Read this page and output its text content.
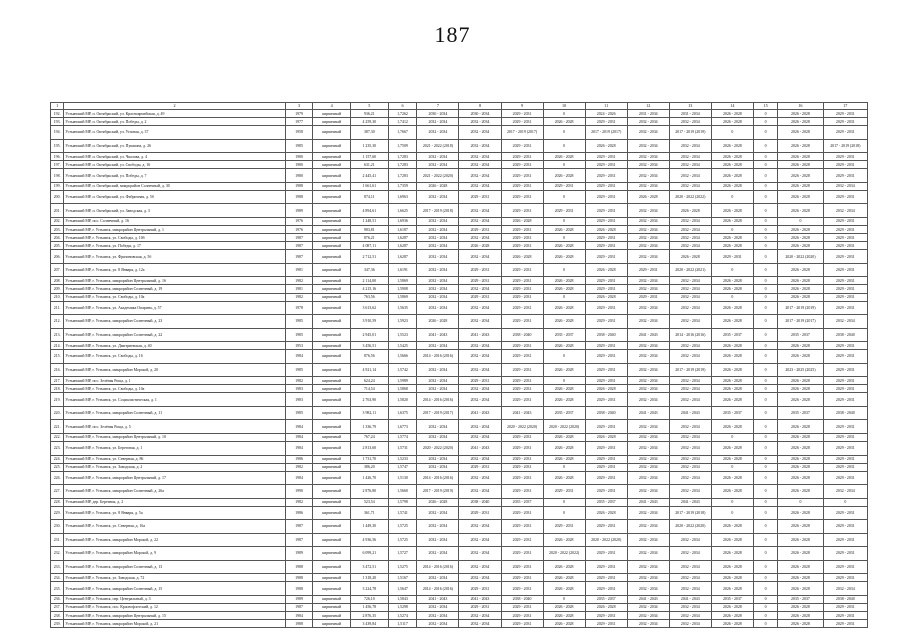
187
1	2	3	4	5	6	7	8	9	10	11	12	13	14	15	16	17
192.	Устьянский МР, п. Октябрьский, ул. Красноармейская, д. 49	1979	кирпичный	936,21	1,7262	2030 - 2034	2030 - 2034	2029 - 2031	0	2024 - 2026	2031 - 2034	2031 - 2034	2026 - 2028	0	2026 - 2028	2029 - 2031
193.	Устьянский МР, п. Октябрьский, ул. Победы, д. 2	1977	кирпичный	4 259,30	1,7412	2032 - 2034	2032 - 2034	2029 - 2031	2026 - 2028	2029 - 2031	2032 - 2034	2032 - 2034	2026 - 2028	0	2026 - 2028	2029 - 2031
194.	Устьянский МР, п. Октябрьский, ул. Угловая, д. 37	1958	кирпичный	387,30	1,7667	2032 - 2034	2032 - 2034	2017 - 2019 (2017)	0	2017 - 2019 (2017)	2032 - 2034	2017 - 2019 (2019)	0	0	2026 - 2028	2029 - 2031
195.	Устьянский МР, п. Октябрьский, ул. Пушкина, д. 26	1985	кирпичный	1 235,30	1,7509	2021 - 2022 (2018)	2032 - 2034	2029 - 2031	0	2026 - 2028	2032 - 2034	2032 - 2034	2026 - 2028	0	2026 - 2028	2017 - 2019 (2018)
196.	Устьянский МР, п. Октябрьский, ул. Чкалова, д. 4	1980	кирпичный	1 157,60	1,7283	2032 - 2034	2032 - 2034	2029 - 2031	2026 - 2028	2029 - 2031	2032 - 2034	2032 - 2034	2026 - 2028	0	2026 - 2028	2029 - 2031
197.	Устьянский МР, п. Октябрьский, ул. Свободы, д. 16	1980	кирпичный	631,21	1,7283	2032 - 2034	2032 - 2034	2029 - 2031	0	2029 - 2031	2032 - 2034	2032 - 2034	2026 - 2028	0	2026 - 2028	2029 - 2031
198.	Устьянский МР, п. Октябрьский, ул. Победы, д. 7	1980	кирпичный	2 445,41	1,7283	2021 - 2022 (2020)	2032 - 2034	2029 - 2031	2026 - 2028	2029 - 2031	2032 - 2034	2032 - 2034	2026 - 2028	0	2026 - 2028	2029 - 2031
199.	Устьянский МР, п. Октябрьский, микрорайон Солнечный, д. 30	1988	кирпичный	1 661,61	1,7359	2026 - 2028	2032 - 2034	2029 - 2031	2029 - 2031	2029 - 2031	2032 - 2034	2032 - 2034	2026 - 2028	0	2026 - 2028	2032 - 2034
200.	Устьянский МР, п. Октябрьский, ул. Фабричная, д. 5б	1988	кирпичный	874,11	1,6963	2032 - 2034	2029 - 2031	2029 - 2031	0	2029 - 2031	2026 - 2028	2020 - 2022 (2022)	0	0	2026 - 2028	2029 - 2031
201.	Устьянский МР, п. Октябрьский, ул. Заводская, д. 3	1989	кирпичный	4 894,61	1,6625	2017 - 2019 (2018)	2032 - 2034	2029 - 2031	2029 - 2031	2029 - 2031	2032 - 2034	2026 - 2028	2026 - 2028	0	2026 - 2028	2032 - 2034
202.	Устьянский МР, пос. Солнечный, д. 16	1976	кирпичный	1 248,51	1,6936	2032 - 2034	2032 - 2034	2026 - 2028	0	2029 - 2031	2032 - 2034	2032 - 2034	2026 - 2028	0	0	2029 - 2031
203.	Устьянский МР, г. Устьянск, микрорайон Центральный, д. 1	1976	кирпичный	983,81	1,6187	2032 - 2034	2029 - 2031	2029 - 2031	2026 - 2028	2026 - 2028	2032 - 2034	2032 - 2034	0	0	2026 - 2028	2029 - 2031
204.	Устьянский МР, г. Устьянск, ул. Свободы, д. 10б	1987	кирпичный	876,21	1,6287	2032 - 2034	2032 - 2034	2029 - 2031	0	2029 - 2031	2032 - 2034	2032 - 2034	2026 - 2028	0	2026 - 2028	2029 - 2031
205.	Устьянский МР, г. Устьянск, ул. Победы, д. 17	1987	кирпичный	4 087,11	1,6287	2032 - 2034	2026 - 2028	2029 - 2031	2026 - 2028	2029 - 2031	2032 - 2034	2032 - 2034	2026 - 2028	0	2026 - 2028	2029 - 2031
206.	Устьянский МР, г. Устьянск, ул. Фрязиновская, д. 5б	1987	кирпичный	2 712,51	1,6287	2032 - 2034	2032 - 2034	2026 - 2028	2026 - 2028	2029 - 2031	2032 - 2034	2026 - 2028	2029 - 2031	0	2020 - 2022 (2020)	2029 - 2031
207.	Устьянский МР, г. Устьянск, ул. 8 Января, д. 12а	1981	кирпичный	347,36	1,6191	2032 - 2034	2029 - 2031	2029 - 2031	0	2026 - 2028	2029 - 2031	2020 - 2022 (2021)	0	0	2026 - 2028	2029 - 2031
208.	Устьянский МР, г. Устьянск, микрорайон Центральный, д. 16	1982	кирпичный	2 114,00	1,5869	2032 - 2034	2029 - 2031	2029 - 2031	2026 - 2028	2029 - 2031	2032 - 2034	2032 - 2034	2026 - 2028	0	2026 - 2028	2029 - 2031
209.	Устьянский МР, г. Устьянск, микрорайон Солнечный, д. 19	1981	кирпичный	4 215,16	1,5908	2032 - 2034	2032 - 2034	2029 - 2031	2026 - 2028	2029 - 2031	2032 - 2034	2032 - 2034	2026 - 2028	0	2026 - 2028	2029 - 2031
210.	Устьянский МР, г. Устьянск, ул. Свободы, д. 10а	1982	кирпичный	763,56	1,5869	2032 - 2034	2029 - 2031	2029 - 2031	0	2026 - 2028	2029 - 2031	2032 - 2034	0	0	2026 - 2028	2029 - 2031
211.	Устьянский МР, г. Устьянск, ул. Академика Опарина, д. 57	1978	кирпичный	3 613,62	1,5635	2032 - 2034	2032 - 2034	2029 - 2031	2026 - 2028	2029 - 2031	2032 - 2034	2032 - 2034	2026 - 2028	0	2017 - 2019 (2019)	2029 - 2031
212.	Устьянский МР, г. Устьянск, микрорайон Солнечный, д. 23	1985	кирпичный	3 910,59	1,5923	2026 - 2028	2032 - 2034	2029 - 2031	2026 - 2028	2029 - 2031	2032 - 2034	2032 - 2034	2026 - 2028	0	2017 - 2019 (2017)	2032 - 2034
213.	Устьянский МР, г. Устьянск, микрорайон Солнечный, д. 22	1985	кирпичный	2 945,01	1,5523	2041 - 2043	2041 - 2043	2038 - 2040	2035 - 2037	2038 - 2040	2041 - 2043	2014 - 2016 (2016)	2035 - 2037	0	2035 - 2037	2038 - 2040
214.	Устьянский МР, г. Устьянск, ул. Дмитриевская, д. 40	1953	кирпичный	3 456,51	1,5425	2032 - 2034	2032 - 2034	2029 - 2031	2026 - 2028	2029 - 2031	2032 - 2034	2032 - 2034	2026 - 2028	0	2026 - 2028	2029 - 2031
215.	Устьянский МР, г. Устьянск, ул. Свободы, д. 16	1984	кирпичный	876,56	1,5666	2014 - 2016 (2016)	2032 - 2034	2029 - 2031	0	2029 - 2031	2032 - 2034	2032 - 2034	2026 - 2028	0	2026 - 2028	2029 - 2031
216.	Устьянский МР, г. Устьянск, микрорайон Морской, д. 20	1985	кирпичный	4 921,14	1,5742	2032 - 2034	2032 - 2034	2029 - 2031	2026 - 2028	2029 - 2031	2032 - 2034	2017 - 2019 (2019)	2026 - 2028	0	2023 - 2025 (2025)	2029 - 2031
217.	Устьянский МР, пос. Зелёная Роща, д. 1	1982	кирпичный	624,24	1,5989	2032 - 2034	2029 - 2031	2029 - 2031	0	2029 - 2031	2032 - 2034	2032 - 2034	2026 - 2028	0	2026 - 2028	2029 - 2031
218.	Устьянский МР, г. Устьянск, ул. Свободы, д. 10а	1983	кирпичный	714,54	1,5868	2032 - 2034	2032 - 2034	2029 - 2031	2026 - 2028	2026 - 2028	2032 - 2034	2032 - 2034	2026 - 2028	0	2026 - 2028	2029 - 2031
219.	Устьянский МР, г. Устьянск, ул. Социалистическая, д. 1	1983	кирпичный	2 763,90	1,5820	2014 - 2016 (2016)	2032 - 2034	2029 - 2031	2026 - 2028	2029 - 2031	2032 - 2034	2032 - 2034	2026 - 2028	0	2026 - 2028	2029 - 2031
220.	Устьянский МР, г. Устьянск, микрорайон Солнечный, д. 11	1985	кирпичный	3 982,11	1,6375	2017 - 2019 (2017)	2041 - 2043	2041 - 2043	2035 - 2037	2038 - 2040	2041 - 2043	2041 - 2043	2035 - 2037	0	2035 - 2037	2038 - 2040
221.	Устьянский МР, пос. Зелёная Роща, д. 5	1984	кирпичный	1 336,79	1,6773	2032 - 2034	2032 - 2034	2020 - 2022 (2020)	2020 - 2022 (2020)	2029 - 2031	2032 - 2034	2032 - 2034	2026 - 2028	0	2026 - 2028	2029 - 2031
222.	Устьянский МР, г. Устьянск, микрорайон Центральный, д. 10	1984	кирпичный	767,24	1,5774	2032 - 2034	2032 - 2034	2029 - 2031	2026 - 2028	2026 - 2028	2032 - 2034	2032 - 2034	0	0	2026 - 2028	2029 - 2031
223.	Устьянский МР, г. Устьянск, ул. Береговая, д. 1	1984	кирпичный	2 813,60	1,5731	2020 - 2022 (2020)	2041 - 2043	2029 - 2031	2026 - 2028	2029 - 2031	2032 - 2034	2032 - 2034	2026 - 2028	0	2026 - 2028	2029 - 2031
224.	Устьянский МР, г. Устьянск, ул. Северная, д. 86	1986	кирпичный	1 731,70	1,5233	2032 - 2034	2032 - 2034	2029 - 2031	2026 - 2028	2029 - 2031	2032 - 2034	2032 - 2034	2026 - 2028	0	2026 - 2028	2029 - 2031
225.	Устьянский МР, г. Устьянск, ул. Заводская, д. 2	1982	кирпичный	386,20	1,5747	2032 - 2034	2029 - 2031	2029 - 2031	0	2029 - 2031	2032 - 2034	2032 - 2034	0	0	2026 - 2028	2029 - 2031
226.	Устьянский МР, г. Устьянск, микрорайон Центральный, д. 17	1984	кирпичный	1 426,70	1,5130	2014 - 2016 (2016)	2032 - 2034	2029 - 2031	2026 - 2028	2029 - 2031	2032 - 2034	2032 - 2034	2026 - 2028	0	2026 - 2028	2029 - 2031
227.	Устьянский МР, г. Устьянск, микрорайон Солнечный, д. 26а	1990	кирпичный	2 876,80	1,5660	2017 - 2019 (2019)	2032 - 2034	2029 - 2031	2029 - 2031	2029 - 2031	2032 - 2034	2032 - 2034	2026 - 2028	0	2026 - 2028	2032 - 2034
228.	Устьянский МР, дер. Березник, д. 2	1982	кирпичный	523,54	1,5798	2026 - 2028	2038 - 2040	2035 - 2037	0	2035 - 2037	2041 - 2043	2041 - 2043	0	0	0	0
229.	Устьянский МР, г. Устьянск, ул. 8 Января, д. 5а	1986	кирпичный	361,71	1,5741	2032 - 2034	2029 - 2031	2029 - 2031	0	2026 - 2028	2032 - 2034	2017 - 2019 (2018)	0	0	2026 - 2028	2029 - 2031
230.	Устьянский МР, г. Устьянск, ул. Северная, д. 16а	1987	кирпичный	1 449,30	1,5725	2032 - 2034	2032 - 2034	2029 - 2031	2029 - 2031	2029 - 2031	2032 - 2034	2020 - 2022 (2020)	2026 - 2028	0	2026 - 2028	2029 - 2031
231.	Устьянский МР, г. Устьянск, микрорайон Морской, д. 22	1987	кирпичный	4 936,56	1,5725	2032 - 2034	2032 - 2034	2029 - 2031	2026 - 2028	2020 - 2022 (2020)	2032 - 2034	2032 - 2034	2026 - 2028	0	2026 - 2028	2029 - 2031
232.	Устьянский МР, г. Устьянск, микрорайон Морской, д. 9	1989	кирпичный	6 099,21	1,5727	2032 - 2034	2032 - 2034	2029 - 2031	2020 - 2022 (2022)	2029 - 2031	2032 - 2034	2032 - 2034	2026 - 2028	0	2026 - 2028	2029 - 2031
233.	Устьянский МР, г. Устьянск, микрорайон Солнечный, д. 13	1988	кирпичный	3 472,51	1,5275	2014 - 2016 (2016)	2032 - 2034	2029 - 2031	2026 - 2028	2029 - 2031	2032 - 2034	2032 - 2034	2026 - 2028	0	2026 - 2028	2029 - 2031
234.	Устьянский МР, г. Устьянск, ул. Заводская, д. 72	1988	кирпичный	1 318,20	1,5167	2032 - 2034	2032 - 2034	2029 - 2031	2026 - 2028	2029 - 2031	2032 - 2034	2032 - 2034	2026 - 2028	0	2026 - 2028	2029 - 2031
235.	Устьянский МР, г. Устьянск, микрорайон Солнечный, д. 15	1988	кирпичный	3 224,78	1,5647	2014 - 2016 (2016)	2029 - 2031	2029 - 2031	2026 - 2028	2029 - 2031	2032 - 2034	2032 - 2034	2026 - 2028	0	2026 - 2028	2032 - 2034
236.	Устьянский МР, г. Устьянск, пер. Центральный, д. 3	1989	кирпичный	726,10	1,5843	2041 - 2043	2041 - 2043	2038 - 2040	0	2035 - 2037	2041 - 2043	2041 - 2043	2035 - 2037	0	2035 - 2037	2038 - 2040
237.	Устьянский МР, г. Устьянск, пос. Краснофлотский, д. 12	1987	кирпичный	1 456,78	1,5298	2032 - 2034	2029 - 2031	2029 - 2031	2026 - 2028	2026 - 2028	2032 - 2034	2032 - 2034	2026 - 2028	0	2026 - 2028	2029 - 2031
238.	Устьянский МР, г. Устьянск, микрорайон Центральный, д. 15	1984	кирпичный	2 876,35	1,5274	2032 - 2034	2032 - 2034	2029 - 2031	2026 - 2028	2029 - 2031	2032 - 2034	2032 - 2034	2026 - 2028	0	2026 - 2028	2029 - 2031
239.	Устьянский МР, г. Устьянск, микрорайон Морской, д. 21	1988	кирпичный	3 439,84	1,5117	2032 - 2034	2032 - 2034	2029 - 2031	2026 - 2028	2029 - 2031	2032 - 2034	2032 - 2034	2026 - 2028	0	2026 - 2028	2029 - 2031
